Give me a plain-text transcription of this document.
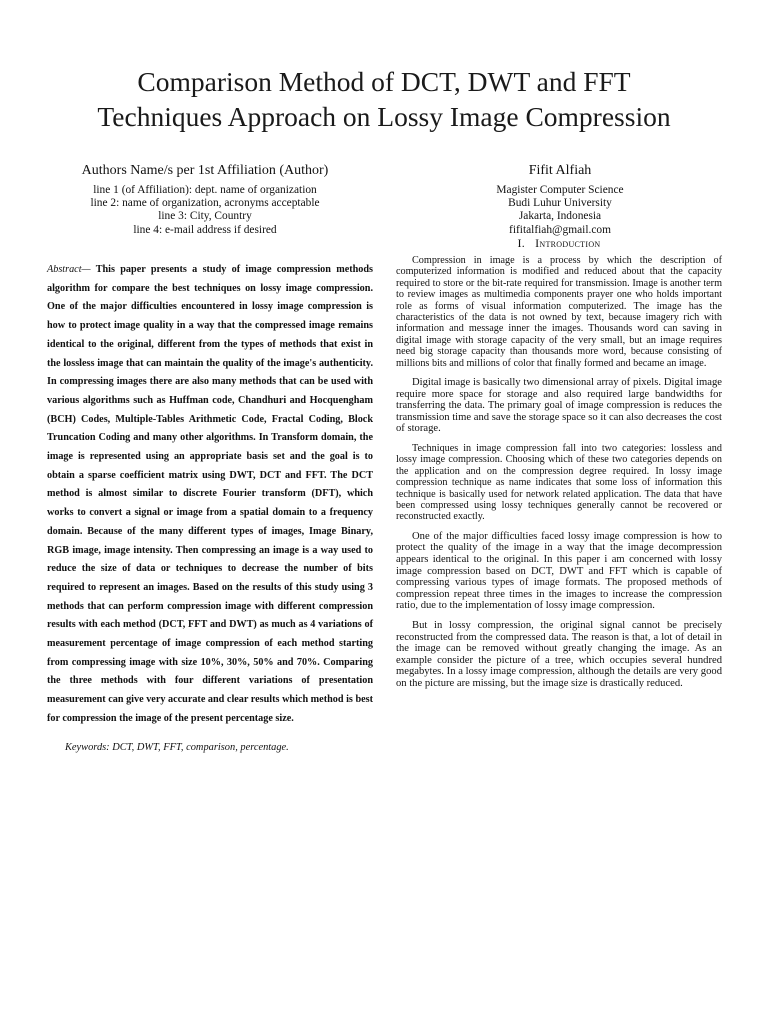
Comparison Method of DCT, DWT and FFT
Techniques Approach on Lossy Image Compression
Authors Name/s per 1st Affiliation (Author)
line 1 (of Affiliation): dept. name of organization
line 2: name of organization, acronyms acceptable
line 3: City, Country
line 4: e-mail address if desired
Fifit Alfiah
Magister Computer Science
Budi Luhur University
Jakarta, Indonesia
fifitalfiah@gmail.com

Abstract— This paper presents a study of image compression methods algorithm for compare the best techniques on lossy image compression. One of the major difficulties encountered in lossy image compression is how to protect image quality in a way that the compressed image remains identical to the original, different from the types of methods that exist in the lossless image that can maintain the quality of the image's authenticity. In compressing images there are also many methods that can be used with various algorithms such as Huffman code, Chandhuri and Hocquengham (BCH) Codes, Multiple-Tables Arithmetic Code, Fractal Coding, Block Truncation Coding and many other algorithms. In Transform domain, the image is represented using an appropriate basis set and the goal is to obtain a sparse coefficient matrix using DWT, DCT and FFT. The DCT method is almost similar to discrete Fourier transform (DFT), which works to convert a signal or image from a spatial domain to a frequency domain. Because of the many different types of images, Image Binary, RGB image, image intensity. Then compressing an image is a way used to reduce the size of data or techniques to decrease the number of bits required to represent an images. Based on the results of this study using 3 methods that can perform compression image with different compression results with each method (DCT, FFT and DWT) as much as 4 variations of measurement percentage of image compression of each method starting from compressing image with size 10%, 30%, 50% and 70%. Comparing the three methods with four different variations of presentation measurement can give very accurate and clear results which method is best for compression the image of the present percentage size.

Keywords: DCT, DWT, FFT, comparison, percentage.

I. Introduction

Compression in image is a process by which the description of computerized information is modified and reduced about that the capacity required to store or the bit-rate required for transmission. Image is another term to review images as multimedia components prayer one who holds important role as forms of visual information computerized. The image has the characteristics of the data is not owned by text, because imagery rich with information and message inner the images. Thousands word can saving in digital image with storage capacity of the very small, but an image requires need big storage capacity than thousands more word, because consisting of millions bits and millions of color that finally formed and became an image.

Digital image is basically two dimensional array of pixels. Digital image require more space for storage and also required large bandwidths for transferring the data. The primary goal of image compression is reduces the transmission time and save the storage space so it can also decreases the cost of storage.

Techniques in image compression fall into two categories: lossless and lossy image compression. Choosing which of these two categories depends on the application and on the compression degree required. In lossy image compression technique as name indicates that some loss of information this technique is basically used for network related application. The data that have been compressed using lossy techniques generally cannot be recovered or reconstructed exactly.

One of the major difficulties faced lossy image compression is how to protect the quality of the image in a way that the image decompression appears identical to the original. In this paper i am concerned with lossy image compression based on DCT, DWT and FFT which is capable of compressing various types of image formats. The proposed methods of compression repeat three times in the images to increase the compression ratio, due to the implementation of lossy image compression.

But in lossy compression, the original signal cannot be precisely reconstructed from the compressed data. The reason is that, a lot of detail in the image can be removed without greatly changing the image. As an example consider the picture of a tree, which occupies several hundred megabytes. In a lossy image compression, although the details are very good on the picture are missing, but the image size is drastically reduced.
